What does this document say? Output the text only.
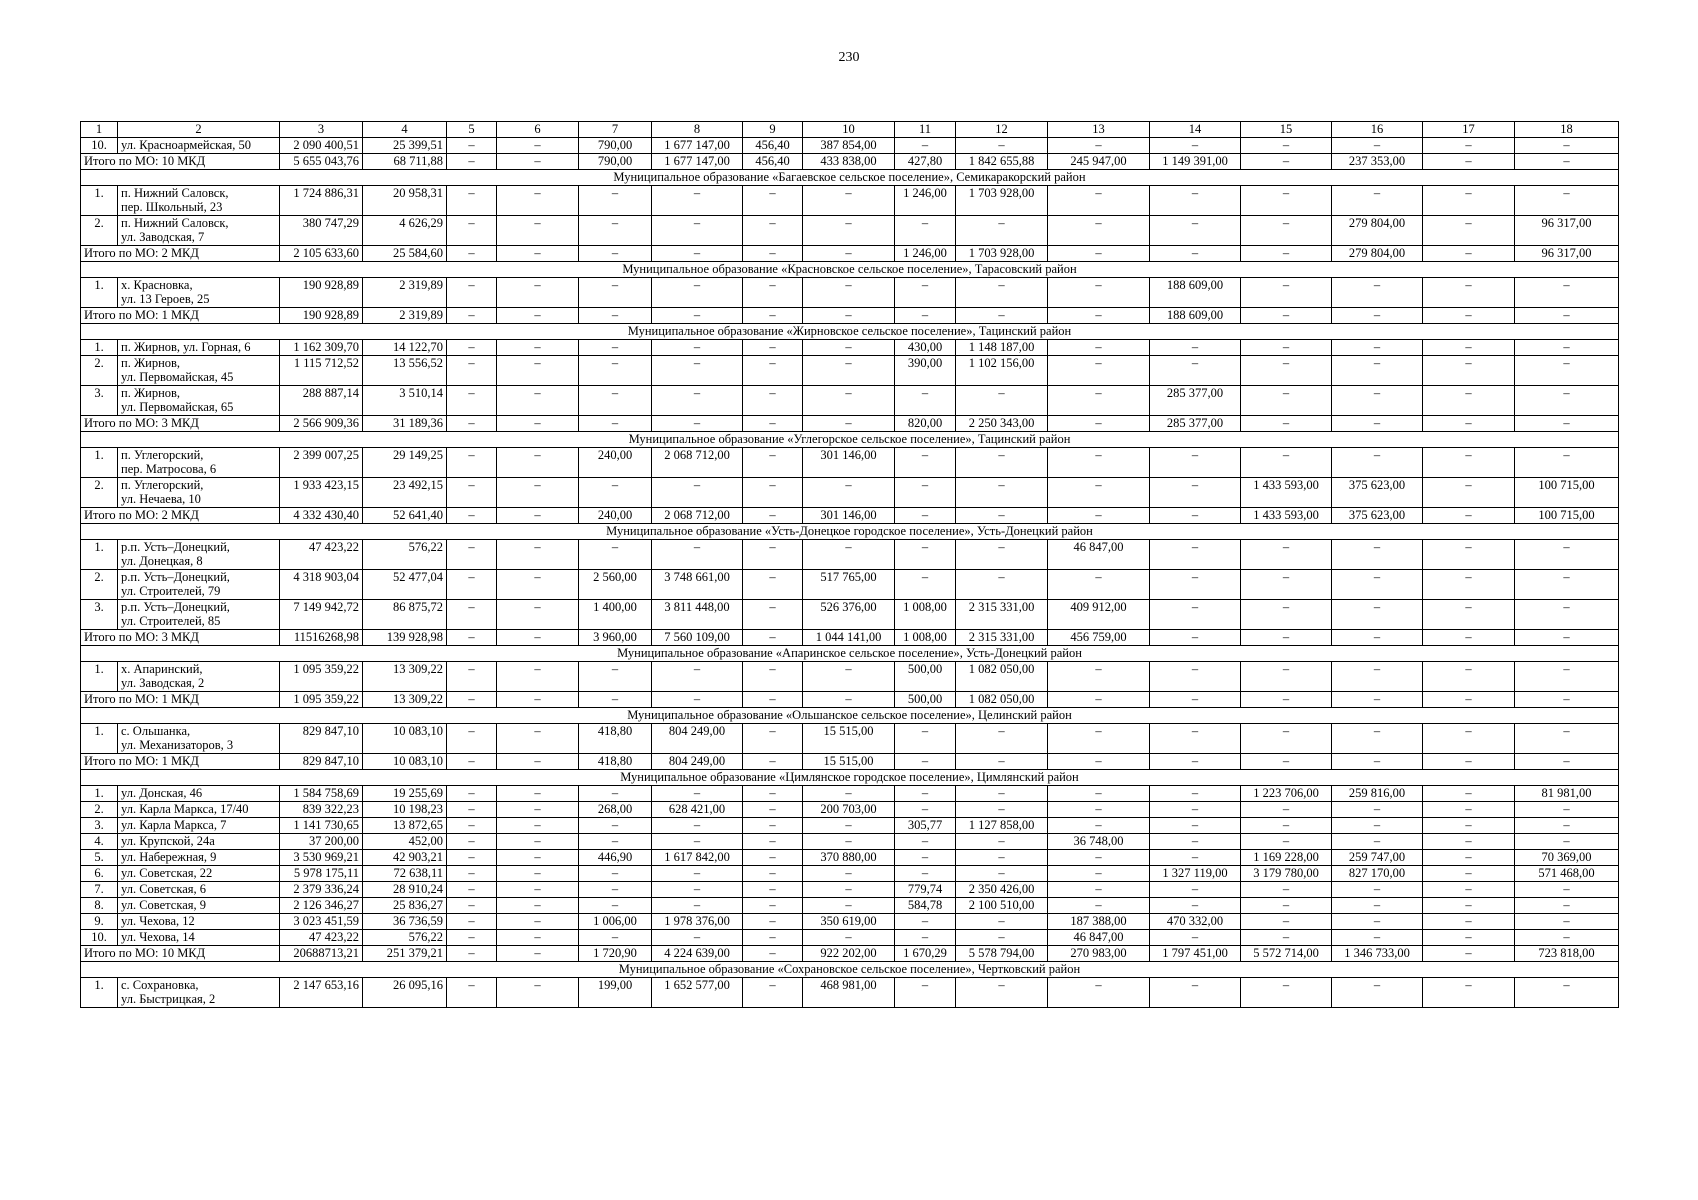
230
1	2	3	4	5	6	7	8	9	10	11	12	13	14	15	16	17	18
10.	ул. Красноармейская, 50	2 090 400,51	25 399,51	–	–	790,00	1 677 147,00	456,40	387 854,00	–	–	–	–	–	–	–	–
Итого по МО: 10 МКД		5 655 043,76	68 711,88	–	–	790,00	1 677 147,00	456,40	433 838,00	427,80	1 842 655,88	245 947,00	1 149 391,00	–	237 353,00	–	–
Муниципальное образование «Багаевское сельское поселение», Семикаракорский район																	
1.	п. Нижний Саловск,
пер. Школьный, 23	1 724 886,31	20 958,31	–	–	–	–	–	–	1 246,00	1 703 928,00	–	–	–	–	–	–
2.	п. Нижний Саловск,
ул. Заводская, 7	380 747,29	4 626,29	–	–	–	–	–	–	–	–	–	–	–	279 804,00	–	96 317,00
Итого по МО: 2 МКД		2 105 633,60	25 584,60	–	–	–	–	–	–	1 246,00	1 703 928,00	–	–	–	279 804,00	–	96 317,00
Муниципальное образование «Красновское сельское поселение», Тарасовский район																	
1.	х. Красновка,
ул. 13 Героев, 25	190 928,89	2 319,89	–	–	–	–	–	–	–	–	–	188 609,00	–	–	–	–
Итого по МО: 1 МКД		190 928,89	2 319,89	–	–	–	–	–	–	–	–	–	188 609,00	–	–	–	–
Муниципальное образование «Жирновское сельское поселение», Тацинский район																	
1.	п. Жирнов, ул. Горная, 6	1 162 309,70	14 122,70	–	–	–	–	–	–	430,00	1 148 187,00	–	–	–	–	–	–
2.	п. Жирнов,
ул. Первомайская, 45	1 115 712,52	13 556,52	–	–	–	–	–	–	390,00	1 102 156,00	–	–	–	–	–	–
3.	п. Жирнов,
ул. Первомайская, 65	288 887,14	3 510,14	–	–	–	–	–	–	–	–	–	285 377,00	–	–	–	–
Итого по МО: 3 МКД		2 566 909,36	31 189,36	–	–	–	–	–	–	820,00	2 250 343,00	–	285 377,00	–	–	–	–
Муниципальное образование «Углегорское сельское поселение», Тацинский район																	
1.	п. Углегорский,
пер. Матросова, 6	2 399 007,25	29 149,25	–	–	240,00	2 068 712,00	–	301 146,00	–	–	–	–	–	–	–	–
2.	п. Углегорский,
ул. Нечаева, 10	1 933 423,15	23 492,15	–	–	–	–	–	–	–	–	–	–	1 433 593,00	375 623,00	–	100 715,00
Итого по МО: 2 МКД		4 332 430,40	52 641,40	–	–	240,00	2 068 712,00	–	301 146,00	–	–	–	–	1 433 593,00	375 623,00	–	100 715,00
Муниципальное образование «Усть-Донецкое городское поселение», Усть-Донецкий район																	
1.	р.п. Усть–Донецкий,
ул. Донецкая, 8	47 423,22	576,22	–	–	–	–	–	–	–	–	46 847,00	–	–	–	–	–
2.	р.п. Усть–Донецкий,
ул. Строителей, 79	4 318 903,04	52 477,04	–	–	2 560,00	3 748 661,00	–	517 765,00	–	–	–	–	–	–	–	–
3.	р.п. Усть–Донецкий,
ул. Строителей, 85	7 149 942,72	86 875,72	–	–	1 400,00	3 811 448,00	–	526 376,00	1 008,00	2 315 331,00	409 912,00	–	–	–	–	–
Итого по МО: 3 МКД		11516268,98	139 928,98	–	–	3 960,00	7 560 109,00	–	1 044 141,00	1 008,00	2 315 331,00	456 759,00	–	–	–	–	–
Муниципальное образование «Апаринское сельское поселение», Усть-Донецкий район																	
1.	х. Апаринский,
ул. Заводская, 2	1 095 359,22	13 309,22	–	–	–	–	–	–	500,00	1 082 050,00	–	–	–	–	–	–
Итого по МО: 1 МКД		1 095 359,22	13 309,22	–	–	–	–	–	–	500,00	1 082 050,00	–	–	–	–	–	–
Муниципальное образование «Ольшанское сельское поселение», Целинский район																	
1.	с. Ольшанка,
ул. Механизаторов, 3	829 847,10	10 083,10	–	–	418,80	804 249,00	–	15 515,00	–	–	–	–	–	–	–	–
Итого по МО: 1 МКД		829 847,10	10 083,10	–	–	418,80	804 249,00	–	15 515,00	–	–	–	–	–	–	–	–
Муниципальное образование «Цимлянское городское поселение», Цимлянский район																	
1.	ул. Донская, 46	1 584 758,69	19 255,69	–	–	–	–	–	–	–	–	–	–	1 223 706,00	259 816,00	–	81 981,00
2.	ул. Карла Маркса, 17/40	839 322,23	10 198,23	–	–	268,00	628 421,00	–	200 703,00	–	–	–	–	–	–	–	–
3.	ул. Карла Маркса, 7	1 141 730,65	13 872,65	–	–	–	–	–	–	305,77	1 127 858,00	–	–	–	–	–	–
4.	ул. Крупской, 24а	37 200,00	452,00	–	–	–	–	–	–	–	–	36 748,00	–	–	–	–	–
5.	ул. Набережная, 9	3 530 969,21	42 903,21	–	–	446,90	1 617 842,00	–	370 880,00	–	–	–	–	1 169 228,00	259 747,00	–	70 369,00
6.	ул. Советская, 22	5 978 175,11	72 638,11	–	–	–	–	–	–	–	–	–	1 327 119,00	3 179 780,00	827 170,00	–	571 468,00
7.	ул. Советская, 6	2 379 336,24	28 910,24	–	–	–	–	–	–	779,74	2 350 426,00	–	–	–	–	–	–
8.	ул. Советская, 9	2 126 346,27	25 836,27	–	–	–	–	–	–	584,78	2 100 510,00	–	–	–	–	–	–
9.	ул. Чехова, 12	3 023 451,59	36 736,59	–	–	1 006,00	1 978 376,00	–	350 619,00	–	–	187 388,00	470 332,00	–	–	–	–
10.	ул. Чехова, 14	47 423,22	576,22	–	–	–	–	–	–	–	–	46 847,00	–	–	–	–	–
Итого по МО: 10 МКД		20688713,21	251 379,21	–	–	1 720,90	4 224 639,00	–	922 202,00	1 670,29	5 578 794,00	270 983,00	1 797 451,00	5 572 714,00	1 346 733,00	–	723 818,00
Муниципальное образование «Сохрановское сельское поселение», Чертковский район																	
1.	с. Сохрановка,
ул. Быстрицкая, 2	2 147 653,16	26 095,16	–	–	199,00	1 652 577,00	–	468 981,00	–	–	–	–	–	–	–	–
